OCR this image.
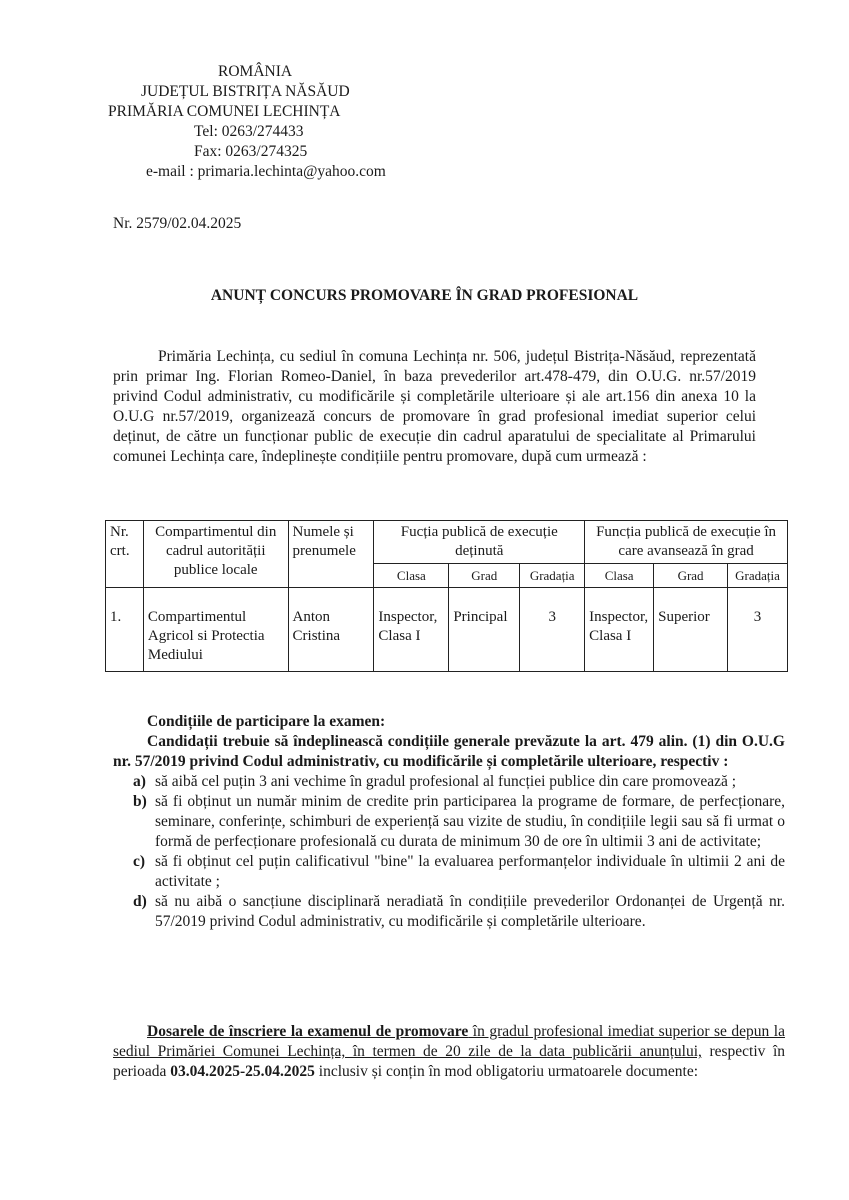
ROMÂNIA
JUDEȚUL BISTRIȚA NĂSĂUD
PRIMĂRIA COMUNEI LECHINȚA
Tel: 0263/274433
Fax: 0263/274325
e-mail : primaria.lechinta@yahoo.com
Nr. 2579/02.04.2025
ANUNȚ CONCURS PROMOVARE ÎN GRAD PROFESIONAL

Primăria Lechința, cu sediul în comuna Lechința nr. 506, județul Bistrița-Năsăud, reprezentată prin primar Ing. Florian Romeo-Daniel, în baza prevederilor art.478-479, din O.U.G. nr.57/2019 privind Codul administrativ, cu modificările și completările ulterioare și ale art.156 din anexa 10 la O.U.G nr.57/2019, organizează concurs de promovare în grad profesional imediat superior celui deținut, de către un funcționar public de execuție din cadrul aparatului de specialitate al Primarului comunei Lechința care, îndeplinește condițiile pentru promovare, după cum urmează :

Nr. crt.	Compartimentul din cadrul autorității publice locale	Numele și prenumele	Fucția publică de execuție deținută			Funcția publică de execuție în care avansează în grad		
			Clasa	Grad	Gradația	Clasa	Grad	Gradația
1.	Compartimentul Agricol si Protectia Mediului	Anton Cristina	Inspector, Clasa I	Principal	3	Inspector, Clasa I	Superior	3
Condițiile de participare la examen:
Candidații trebuie să îndeplinească condițiile generale prevăzute la art. 479 alin. (1) din O.U.G nr. 57/2019 privind Codul administrativ, cu modificările și completările ulterioare, respectiv :
a) să aibă cel puțin 3 ani vechime în gradul profesional al funcției publice din care promovează ;
b) să fi obținut un număr minim de credite prin participarea la programe de formare, de perfecționare, seminare, conferințe, schimburi de experiență sau vizite de studiu, în condițiile legii sau să fi urmat o formă de perfecționare profesională cu durata de minimum 30 de ore în ultimii 3 ani de activitate;
c) să fi obținut cel puțin calificativul "bine" la evaluarea performanțelor individuale în ultimii 2 ani de activitate ;
d) să nu aibă o sancțiune disciplinară neradiată în condițiile prevederilor Ordonanței de Urgență nr. 57/2019 privind Codul administrativ, cu modificările și completările ulterioare.

Dosarele de înscriere la examenul de promovare în gradul profesional imediat superior se depun la sediul Primăriei Comunei Lechința, în termen de 20 zile de la data publicării anunțului, respectiv în perioada 03.04.2025-25.04.2025 inclusiv și conțin în mod obligatoriu urmatoarele documente:
